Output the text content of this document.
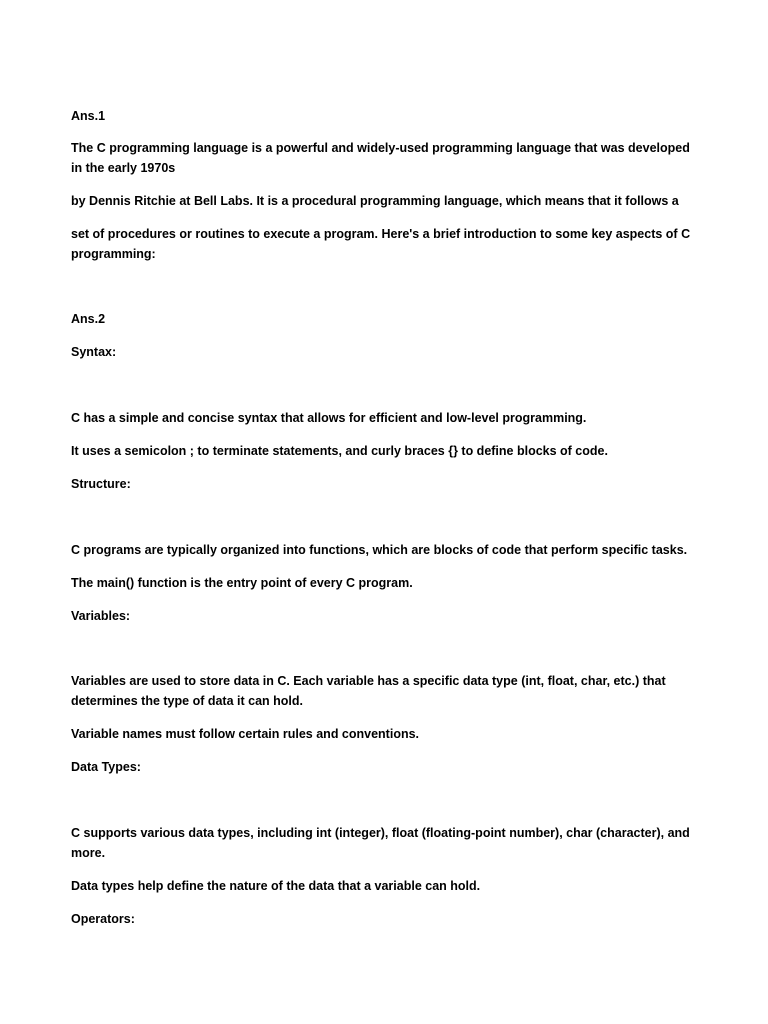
Ans.1

The C programming language is a powerful and widely-used programming language that was developed in the early 1970s

by Dennis Ritchie at Bell Labs. It is a procedural programming language, which means that it follows a

set of procedures or routines to execute a program. Here's a brief introduction to some key aspects of C programming:

Ans.2

Syntax:

C has a simple and concise syntax that allows for efficient and low-level programming.

It uses a semicolon ; to terminate statements, and curly braces {} to define blocks of code.

Structure:

C programs are typically organized into functions, which are blocks of code that perform specific tasks.

The main() function is the entry point of every C program.

Variables:

Variables are used to store data in C. Each variable has a specific data type (int, float, char, etc.) that determines the type of data it can hold.

Variable names must follow certain rules and conventions.

Data Types:

C supports various data types, including int (integer), float (floating-point number), char (character), and more.

Data types help define the nature of the data that a variable can hold.

Operators:
